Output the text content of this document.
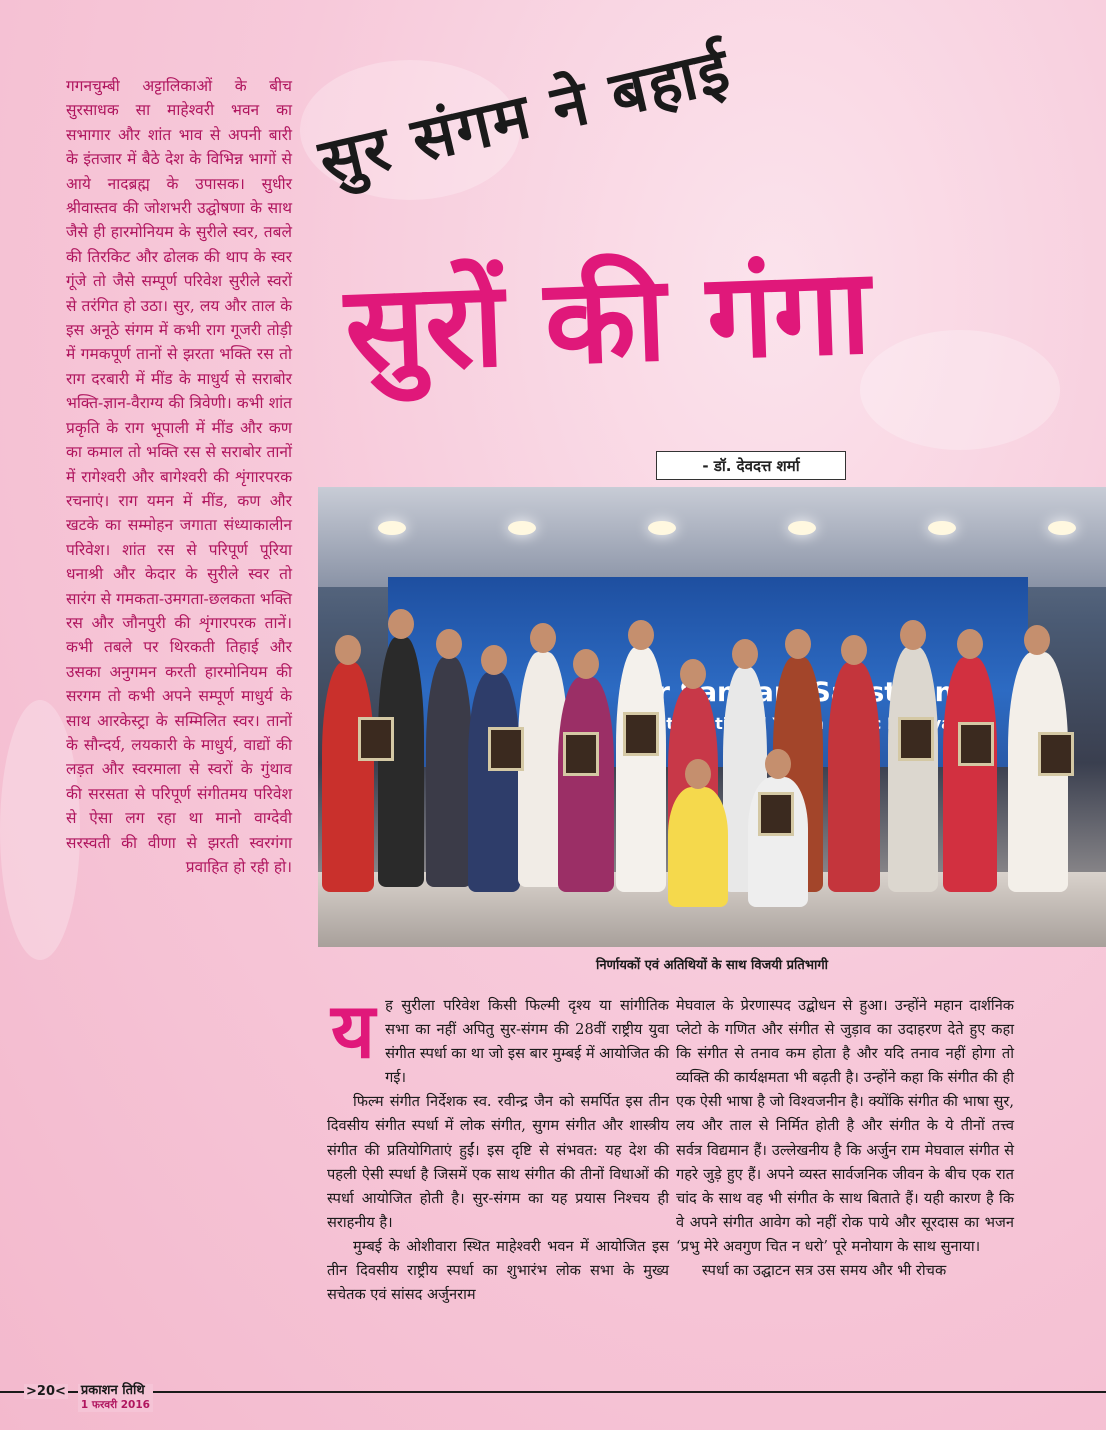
गगनचुम्बी अट्टालिकाओं के बीच सुरसाधक सा माहेश्वरी भवन का सभागार और शांत भाव से अपनी बारी के इंतजार में बैठे देश के विभिन्न भागों से आये नादब्रह्म के उपासक। सुधीर श्रीवास्तव की जोशभरी उद्घोषणा के साथ जैसे ही हारमोनियम के सुरीले स्वर, तबले की तिरकिट और ढोलक की थाप के स्वर गूंजे तो जैसे सम्पूर्ण परिवेश सुरीले स्वरों से तरंगित हो उठा। सुर, लय और ताल के इस अनूठे संगम में कभी राग गूजरी तोड़ी में गमकपूर्ण तानों से झरता भक्ति रस तो राग दरबारी में मींड के माधुर्य से सराबोर भक्ति-ज्ञान-वैराग्य की त्रिवेणी। कभी शांत प्रकृति के राग भूपाली में मींड और कण का कमाल तो भक्ति रस से सराबोर तानों में रागेश्वरी और बागेश्वरी की शृंगारपरक रचनाएं। राग यमन में मींड, कण और खटके का सम्मोहन जगाता संध्याकालीन परिवेश। शांत रस से परिपूर्ण पूरिया धनाश्री और केदार के सुरीले स्वर तो सारंग से गमकता-उमगता-छलकता भक्ति रस और जौनपुरी की शृंगारपरक तानें। कभी तबले पर थिरकती तिहाई और उसका अनुगमन करती हारमोनियम की सरगम तो कभी अपने सम्पूर्ण माधुर्य के साथ आरकेस्ट्रा के सम्मिलित स्वर। तानों के सौन्दर्य, लयकारी के माधुर्य, वाद्यों की लड़त और स्वरमाला से स्वरों के गुंथाव की सरसता से परिपूर्ण संगीतमय परिवेश से ऐसा लग रहा था मानो वाग्देवी सरस्वती की वीणा से झरती स्वरगंगा प्रवाहित हो रही हो।

सुर संगम ने बहाई
सुरों की गंगा
- डॉ. देवदत्त शर्मा
Sansthan
निर्णायकों एवं अतिथियों के साथ विजयी प्रतिभागी
य ह सुरीला परिवेश किसी फिल्मी दृश्य या सांगीतिक सभा का नहीं अपितु सुर-संगम की 28वीं राष्ट्रीय युवा संगीत स्पर्धा का था जो इस बार मुम्बई में आयोजित की गई।

फिल्म संगीत निर्देशक स्व. रवीन्द्र जैन को समर्पित इस तीन दिवसीय संगीत स्पर्धा में लोक संगीत, सुगम संगीत और शास्त्रीय संगीत की प्रतियोगिताएं हुईं। इस दृष्टि से संभवत: यह देश की पहली ऐसी स्पर्धा है जिसमें एक साथ संगीत की तीनों विधाओं की स्पर्धा आयोजित होती है। सुर-संगम का यह प्रयास निश्चय ही सराहनीय है।

मुम्बई के ओशीवारा स्थित माहेश्वरी भवन में आयोजित इस तीन दिवसीय राष्ट्रीय स्पर्धा का शुभारंभ लोक सभा के मुख्य सचेतक एवं सांसद अर्जुनराम

मेघवाल के प्रेरणास्पद उद्बोधन से हुआ। उन्होंने महान दार्शनिक प्लेटो के गणित और संगीत से जुड़ाव का उदाहरण देते हुए कहा कि संगीत से तनाव कम होता है और यदि तनाव नहीं होगा तो व्यक्ति की कार्यक्षमता भी बढ़ती है। उन्होंने कहा कि संगीत की ही एक ऐसी भाषा है जो विश्वजनीन है। क्योंकि संगीत की भाषा सुर, लय और ताल से निर्मित होती है और संगीत के ये तीनों तत्त्व सर्वत्र विद्यमान हैं। उल्लेखनीय है कि अर्जुन राम मेघवाल संगीत से गहरे जुड़े हुए हैं। अपने व्यस्त सार्वजनिक जीवन के बीच एक रात चांद के साथ वह भी संगीत के साथ बिताते हैं। यही कारण है कि वे अपने संगीत आवेग को नहीं रोक पाये और सूरदास का भजन ‘प्रभु मेरे अवगुण चित न धरो’ पूरे मनोयाग के साथ सुनाया।

स्पर्धा का उद्घाटन सत्र उस समय और भी रोचक

>20< प्रकाशन तिथि
1 फरवरी 2016
